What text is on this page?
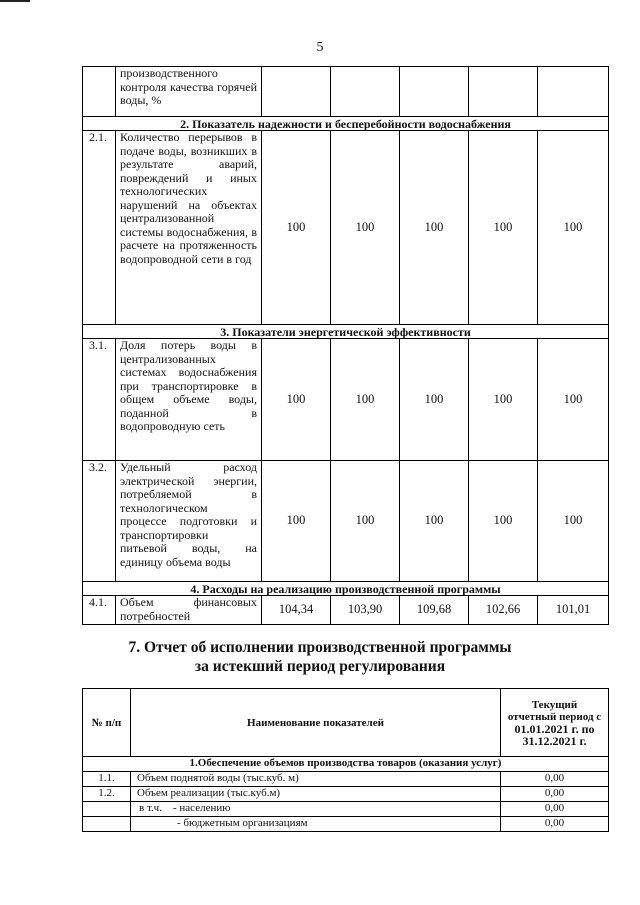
5
	производственного контроля качества горячей воды, %					
2. Показатель надежности и бесперебойности водоснабжения						
2.1.	Количество перерывов в подаче воды, возникших в результате аварий, повреждений и иных технологических нарушений на объектах централизованной системы водоснабжения, в расчете на протяженность водопроводной сети в год	100	100	100	100	100
3. Показатели энергетической эффективности						
3.1.	Доля потерь воды в централизованных системах водоснабжения при транспортировке в общем объеме воды, поданной в водопроводную сеть	100	100	100	100	100
3.2.	Удельный расход электрической энергии, потребляемой в технологическом процессе подготовки и транспортировки питьевой воды, на единицу объема воды	100	100	100	100	100
4. Расходы на реализацию производственной программы						
4.1.	Объем финансовых потребностей	104,34	103,90	109,68	102,66	101,01
7. Отчет об исполнении производственной программы
за истекший период регулирования
№ п/п	Наименование показателей	Текущий
отчетный период с
01.01.2021 г. по
31.12.2021 г.

1.Обеспечение объемов производства товаров (оказания услуг)		
1.1.	Объем поднятой воды (тыс.куб. м)	0,00
1.2.	Объем реализации (тыс.куб.м)	0,00
	в т.ч. - населению	0,00
	- бюджетным организациям	0,00
